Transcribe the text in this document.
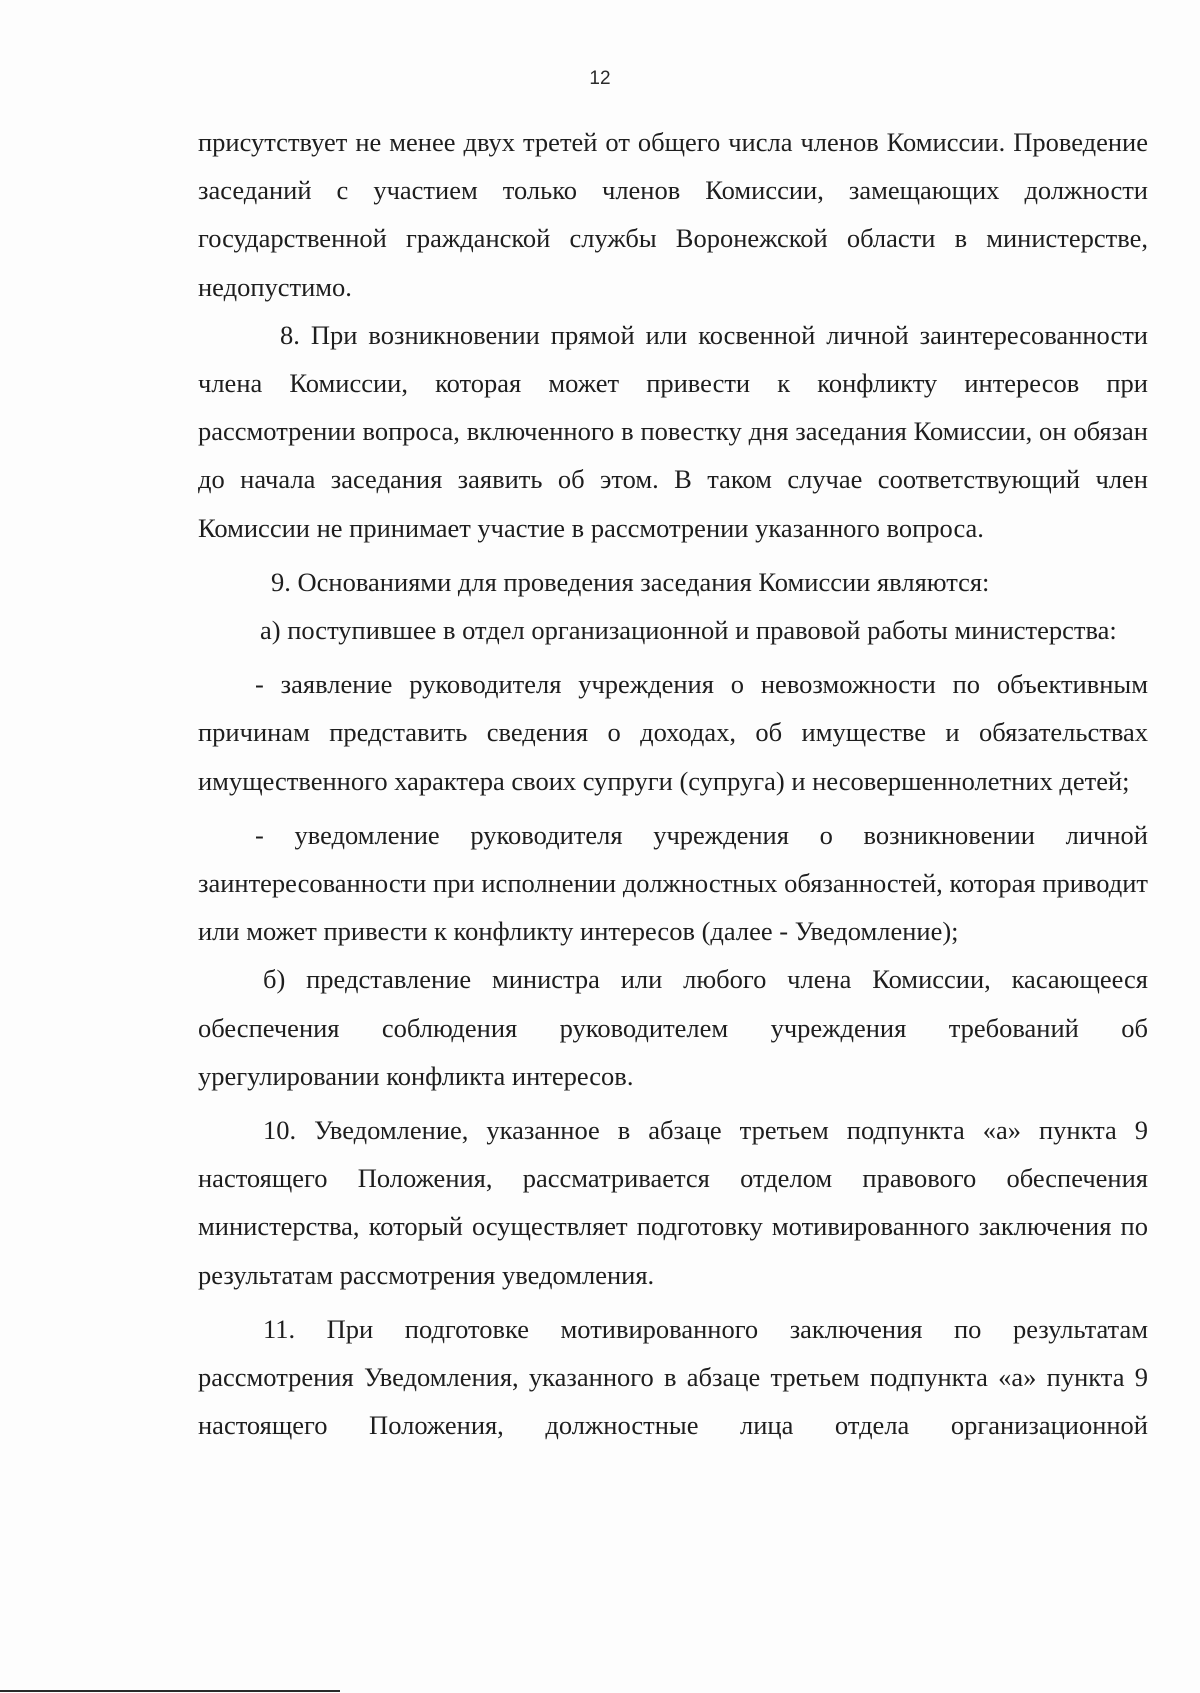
12

присутствует не менее двух третей от общего числа членов Комиссии. Проведение заседаний с участием только членов Комиссии, замещающих должности государственной гражданской службы Воронежской области в министерстве, недопустимо.

8. При возникновении прямой или косвенной личной заинтересованности члена Комиссии, которая может привести к конфликту интересов при рассмотрении вопроса, включенного в повестку дня заседания Комиссии, он обязан до начала заседания заявить об этом. В таком случае соответствующий член Комиссии не принимает участие в рассмотрении указанного вопроса.

9. Основаниями для проведения заседания Комиссии являются:

а) поступившее в отдел организационной и правовой работы министерства:

- заявление руководителя учреждения о невозможности по объективным причинам представить сведения о доходах, об имуществе и обязательствах имущественного характера своих супруги (супруга) и несовершеннолетних детей;

- уведомление руководителя учреждения о возникновении личной заинтересованности при исполнении должностных обязанностей, которая приводит или может привести к конфликту интересов (далее - Уведомление);

б) представление министра или любого члена Комиссии, касающееся обеспечения соблюдения руководителем учреждения требований об урегулировании конфликта интересов.

10. Уведомление, указанное в абзаце третьем подпункта «а» пункта 9 настоящего Положения, рассматривается отделом правового обеспечения министерства, который осуществляет подготовку мотивированного заключения по результатам рассмотрения уведомления.

11. При подготовке мотивированного заключения по результатам рассмотрения Уведомления, указанного в абзаце третьем подпункта «а» пункта 9 настоящего Положения, должностные лица отдела организационной
